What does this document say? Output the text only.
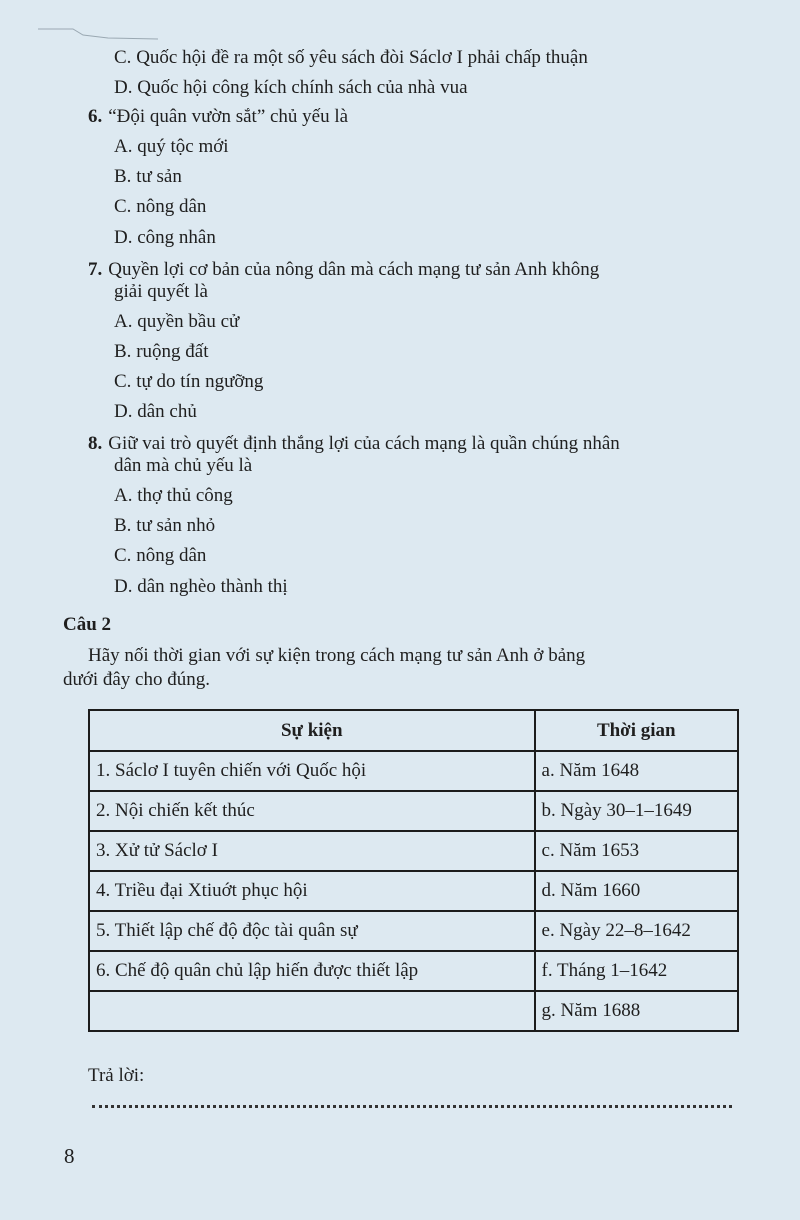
C. Quốc hội đề ra một số yêu sách đòi Sáclơ I phải chấp thuận
D. Quốc hội công kích chính sách của nhà vua
6. “Đội quân vườn sắt” chủ yếu là
A. quý tộc mới
B. tư sản
C. nông dân
D. công nhân
7. Quyền lợi cơ bản của nông dân mà cách mạng tư sản Anh không
giải quyết là
A. quyền bầu cử
B. ruộng đất
C. tự do tín ngưỡng
D. dân chủ
8. Giữ vai trò quyết định thắng lợi của cách mạng là quần chúng nhân
dân mà chủ yếu là
A. thợ thủ công
B. tư sản nhỏ
C. nông dân
D. dân nghèo thành thị
Câu 2
Hãy nối thời gian với sự kiện trong cách mạng tư sản Anh ở bảng
dưới đây cho đúng.
Sự kiện	Thời gian
1. Sáclơ I tuyên chiến với Quốc hội	a. Năm 1648
2. Nội chiến kết thúc	b. Ngày 30–1–1649
3. Xử tử Sáclơ I	c. Năm 1653
4. Triều đại Xtiuớt phục hội	d. Năm 1660
5. Thiết lập chế độ độc tài quân sự	e. Ngày 22–8–1642
6. Chế độ quân chủ lập hiến được thiết lập	f. Tháng 1–1642
	g. Năm 1688
Trả lời:
8
